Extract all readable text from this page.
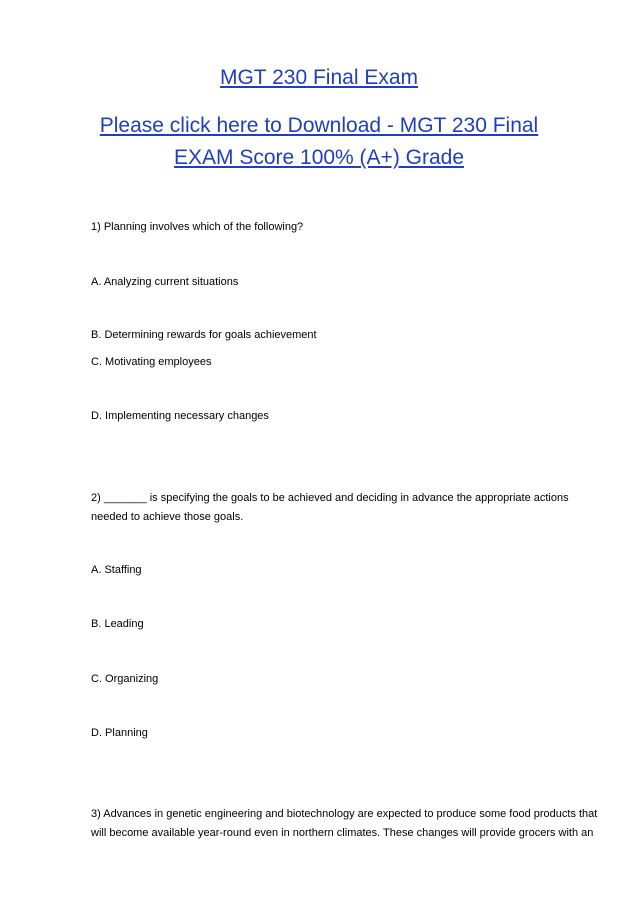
MGT 230 Final Exam
Please click here to Download - MGT 230 Final EXAM Score 100% (A+) Grade

1) Planning involves which of the following?

A. Analyzing current situations

B. Determining rewards for goals achievement

C. Motivating employees

D. Implementing necessary changes

2) _______ is specifying the goals to be achieved and deciding in advance the appropriate actions needed to achieve those goals.

A. Staffing

B. Leading

C. Organizing

D. Planning

3) Advances in genetic engineering and biotechnology are expected to produce some food products that will become available year-round even in northern climates. These changes will provide grocers with an
